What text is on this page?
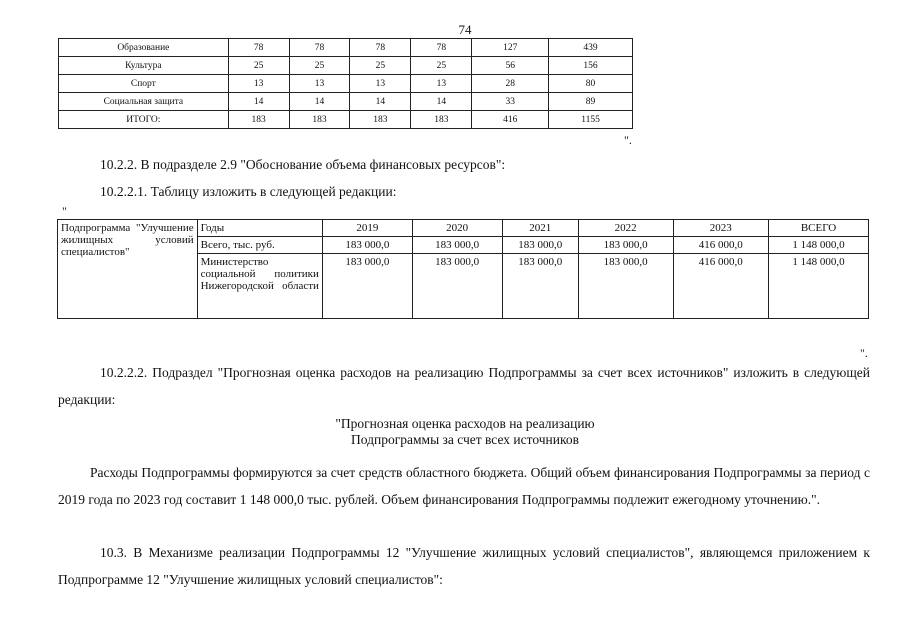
74
Образование	78	78	78	78	127	439
Культура	25	25	25	25	56	156
Спорт	13	13	13	13	28	80
Социальная защита	14	14	14	14	33	89
ИТОГО:	183	183	183	183	416	1155
".
10.2.2. В подразделе 2.9 "Обоснование объема финансовых ресурсов":
10.2.2.1. Таблицу изложить в следующей редакции:
"
Подпрограмма "Улучшение жилищных условий специалистов"	Годы	2019	2020	2021	2022	2023	ВСЕГО
	Всего, тыс. руб.	183 000,0	183 000,0	183 000,0	183 000,0	416 000,0	1 148 000,0
	Министерство социальной политики Нижегородской области	183 000,0	183 000,0	183 000,0	183 000,0	416 000,0	1 148 000,0
".
10.2.2.2. Подраздел "Прогнозная оценка расходов на реализацию Подпрограммы за счет всех источников" изложить в следующей редакции:
"Прогнозная оценка расходов на реализацию
Подпрограммы за счет всех источников
Расходы Подпрограммы формируются за счет средств областного бюджета. Общий объем финансирования Подпрограммы за период с 2019 года по 2023 год составит 1 148 000,0 тыс. рублей. Объем финансирования Подпрограммы подлежит ежегодному уточнению.".
10.3. В Механизме реализации Подпрограммы 12 "Улучшение жилищных условий специалистов", являющемся приложением к Подпрограмме 12 "Улучшение жилищных условий специалистов":
